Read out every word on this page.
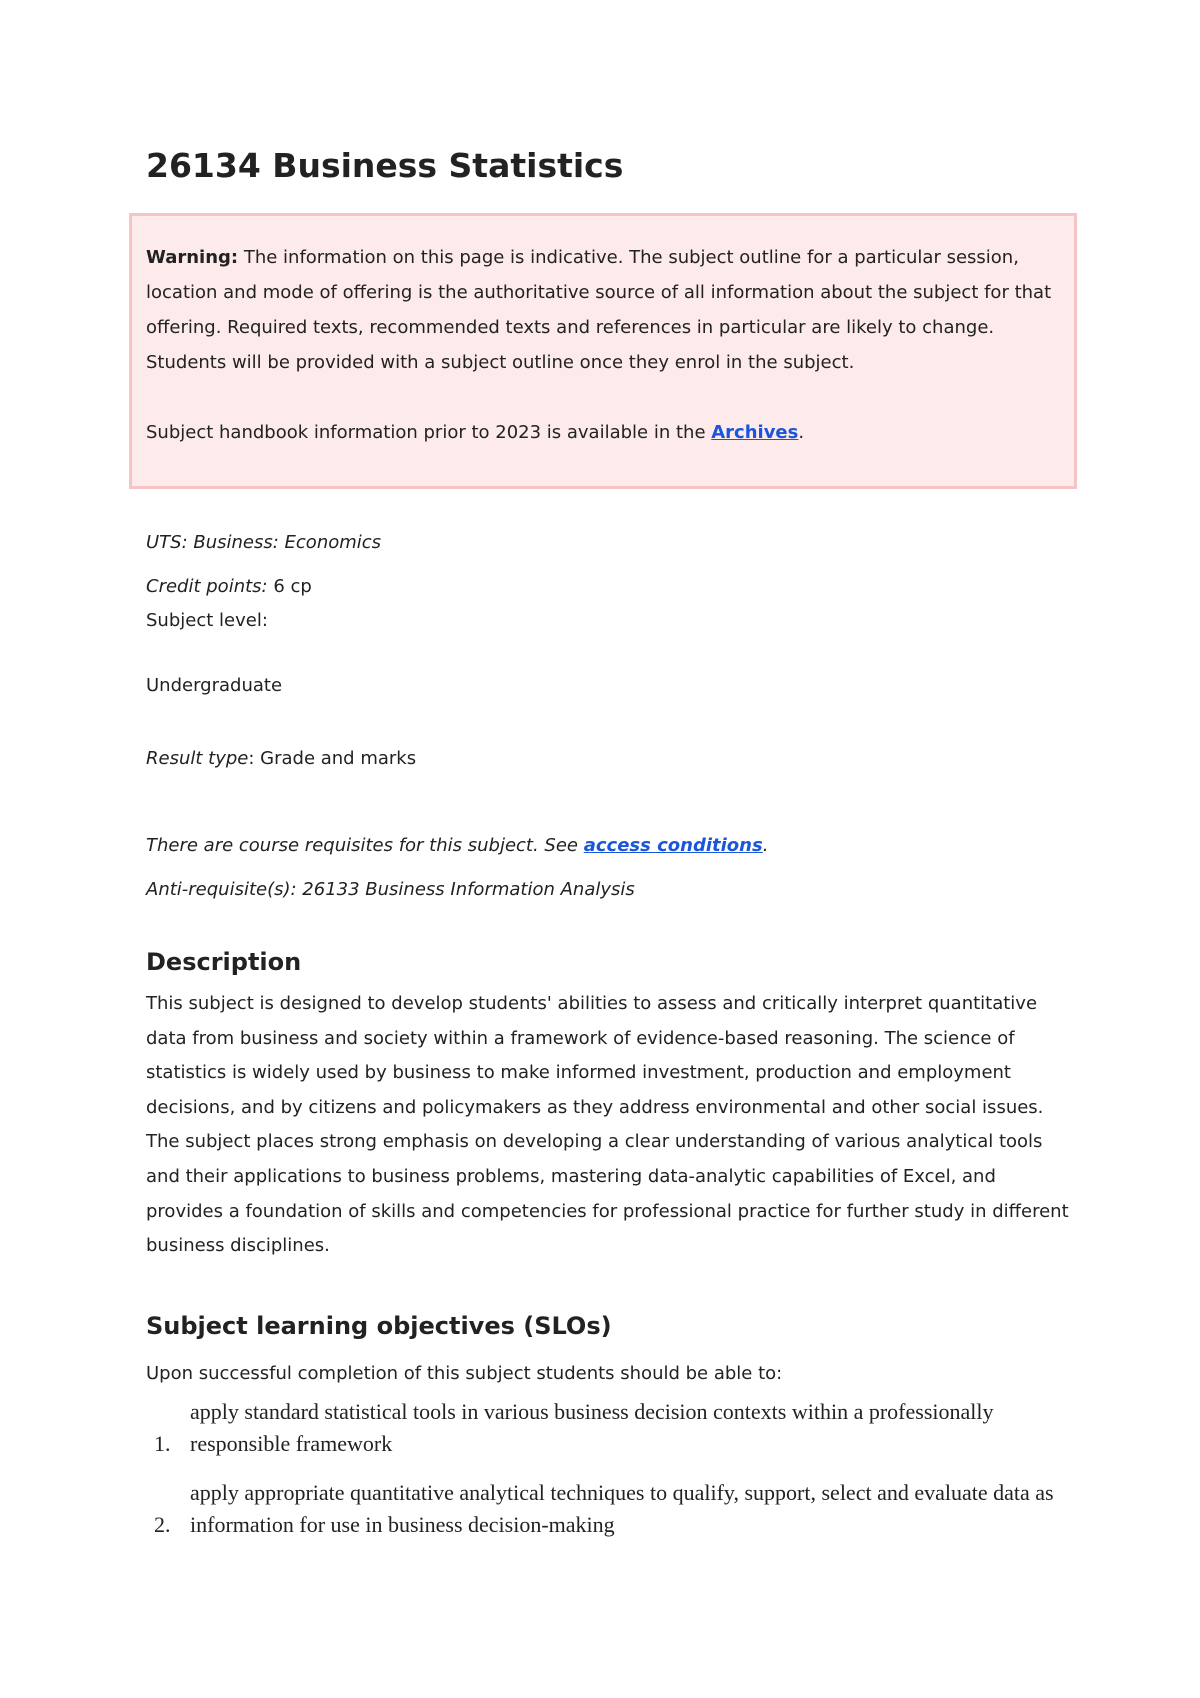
26134 Business Statistics

Warning: The information on this page is indicative. The subject outline for a particular session, location and mode of offering is the authoritative source of all information about the subject for that offering. Required texts, recommended texts and references in particular are likely to change. Students will be provided with a subject outline once they enrol in the subject.

Subject handbook information prior to 2023 is available in the Archives.

UTS: Business: Economics
Credit points: 6 cp
Subject level:
Undergraduate
Result type: Grade and marks
There are course requisites for this subject. See access conditions.
Anti-requisite(s): 26133 Business Information Analysis
Description

This subject is designed to develop students' abilities to assess and critically interpret quantitative data from business and society within a framework of evidence-based reasoning. The science of statistics is widely used by business to make informed investment, production and employment decisions, and by citizens and policymakers as they address environmental and other social issues. The subject places strong emphasis on developing a clear understanding of various analytical tools and their applications to business problems, mastering data-analytic capabilities of Excel, and provides a foundation of skills and competencies for professional practice for further study in different business disciplines.

Subject learning objectives (SLOs)
Upon successful completion of this subject students should be able to:
1.
apply standard statistical tools in various business decision contexts within a professionally responsible framework
2.
apply appropriate quantitative analytical techniques to qualify, support, select and evaluate data as information for use in business decision-making
